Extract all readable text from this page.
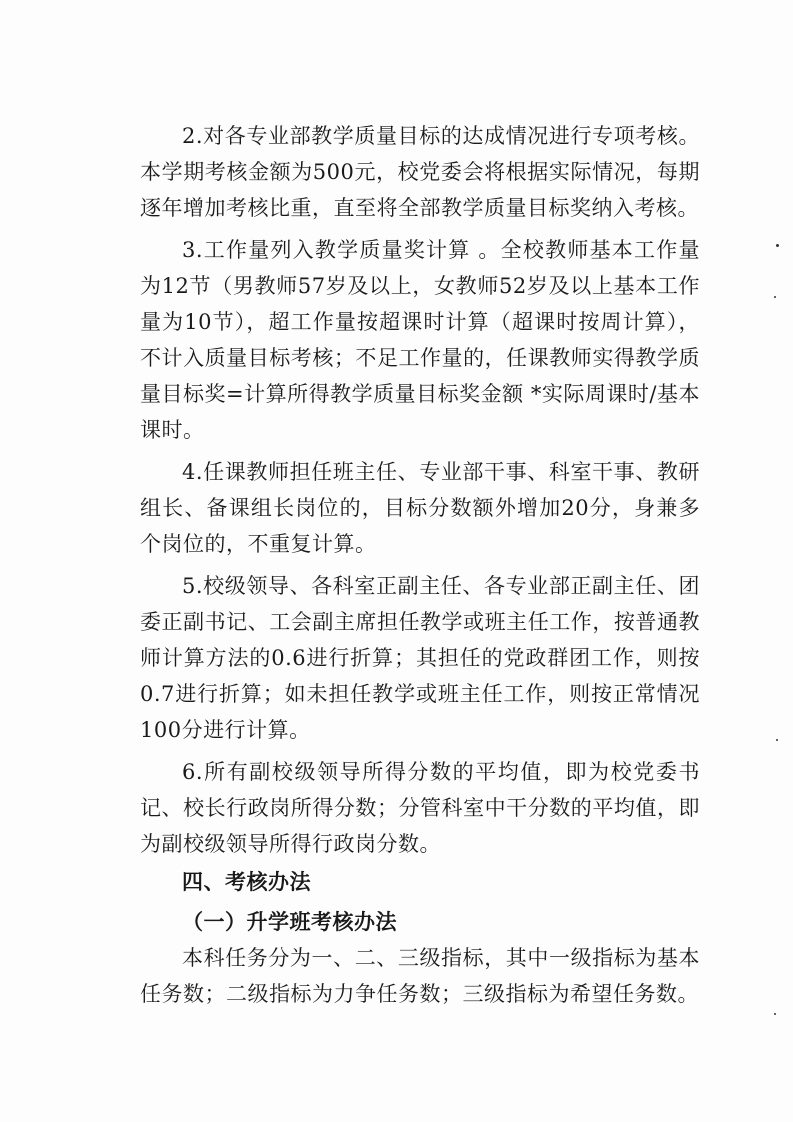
2.对各专业部教学质量目标的达成情况进行专项考核。本学期考核金额为500元，校党委会将根据实际情况，每期逐年增加考核比重，直至将全部教学质量目标奖纳入考核。

3.工作量列入教学质量奖计算 。全校教师基本工作量为12节（男教师57岁及以上，女教师52岁及以上基本工作量为10节），超工作量按超课时计算（超课时按周计算），不计入质量目标考核；不足工作量的，任课教师实得教学质量目标奖=计算所得教学质量目标奖金额 *实际周课时/基本课时。

4.任课教师担任班主任、专业部干事、科室干事、教研组长、备课组长岗位的，目标分数额外增加20分，身兼多个岗位的，不重复计算。

5.校级领导、各科室正副主任、各专业部正副主任、团委正副书记、工会副主席担任教学或班主任工作，按普通教师计算方法的0.6进行折算；其担任的党政群团工作，则按0.7进行折算；如未担任教学或班主任工作，则按正常情况100分进行计算。

6.所有副校级领导所得分数的平均值，即为校党委书记、校长行政岗所得分数；分管科室中干分数的平均值，即为副校级领导所得行政岗分数。

四、考核办法

（一）升学班考核办法

本科任务分为一、二、三级指标，其中一级指标为基本任务数；二级指标为力争任务数；三级指标为希望任务数。
